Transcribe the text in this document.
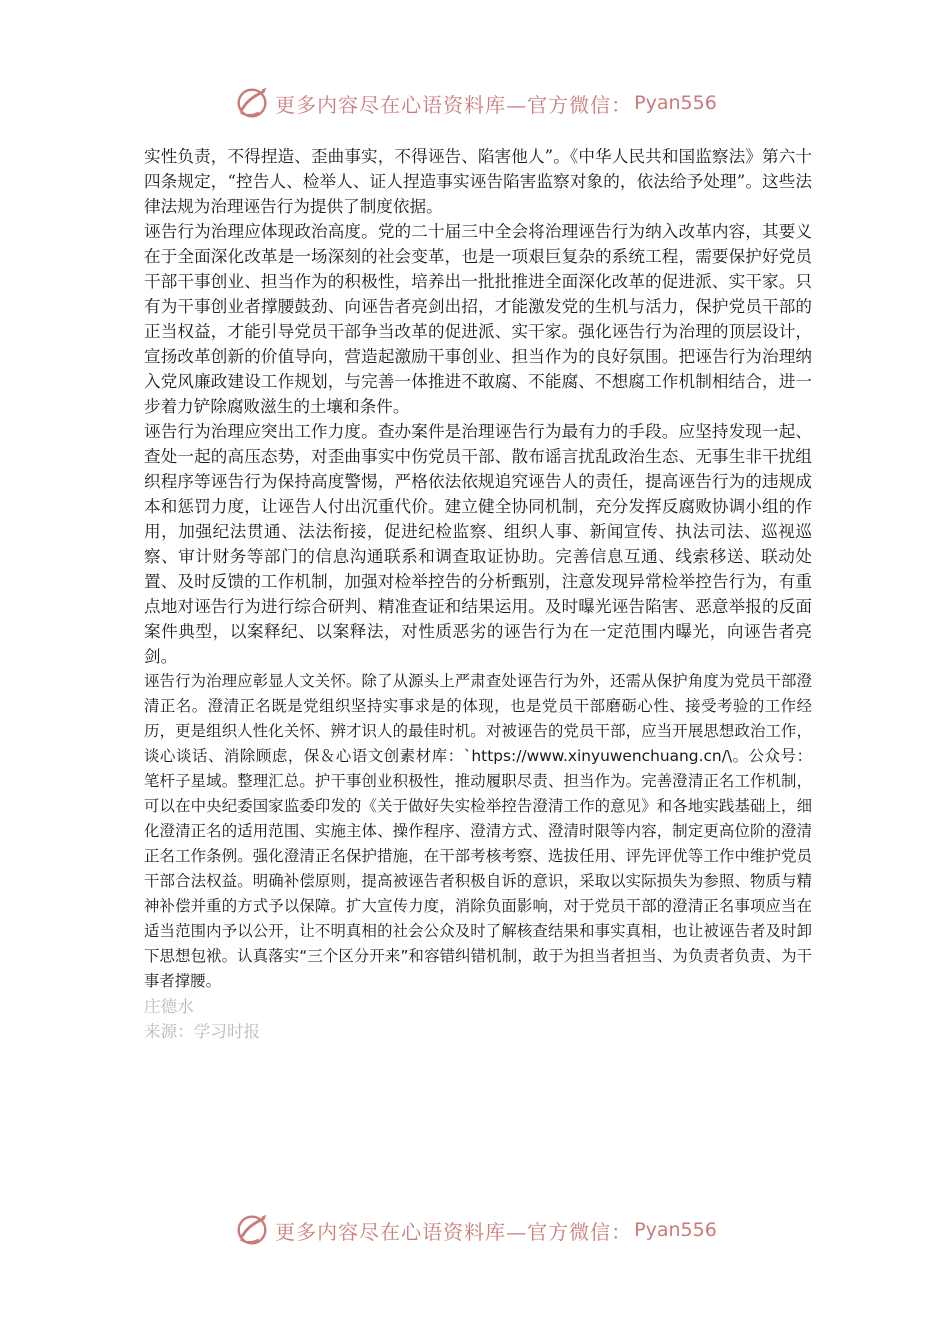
更多内容尽在心语资料库—官方微信： Pyan556

实性负责，不得捏造、歪曲事实，不得诬告、陷害他人”。《中华人民共和国监察法》第六十四条规定，“控告人、检举人、证人捏造事实诬告陷害监察对象的，依法给予处理”。这些法律法规为治理诬告行为提供了制度依据。

诬告行为治理应体现政治高度。党的二十届三中全会将治理诬告行为纳入改革内容，其要义在于全面深化改革是一场深刻的社会变革，也是一项艰巨复杂的系统工程，需要保护好党员干部干事创业、担当作为的积极性，培养出一批批推进全面深化改革的促进派、实干家。只有为干事创业者撑腰鼓劲、向诬告者亮剑出招，才能激发党的生机与活力，保护党员干部的正当权益，才能引导党员干部争当改革的促进派、实干家。强化诬告行为治理的顶层设计，宣扬改革创新的价值导向，营造起激励干事创业、担当作为的良好氛围。把诬告行为治理纳入党风廉政建设工作规划，与完善一体推进不敢腐、不能腐、不想腐工作机制相结合，进一步着力铲除腐败滋生的土壤和条件。

诬告行为治理应突出工作力度。查办案件是治理诬告行为最有力的手段。应坚持发现一起、查处一起的高压态势，对歪曲事实中伤党员干部、散布谣言扰乱政治生态、无事生非干扰组织程序等诬告行为保持高度警惕，严格依法依规追究诬告人的责任，提高诬告行为的违规成本和惩罚力度，让诬告人付出沉重代价。建立健全协同机制，充分发挥反腐败协调小组的作用，加强纪法贯通、法法衔接，促进纪检监察、组织人事、新闻宣传、执法司法、巡视巡察、审计财务等部门的信息沟通联系和调查取证协助。完善信息互通、线索移送、联动处置、及时反馈的工作机制，加强对检举控告的分析甄别，注意发现异常检举控告行为，有重点地对诬告行为进行综合研判、精准查证和结果运用。及时曝光诬告陷害、恶意举报的反面案件典型，以案释纪、以案释法，对性质恶劣的诬告行为在一定范围内曝光，向诬告者亮剑。

诬告行为治理应彰显人文关怀。除了从源头上严肃查处诬告行为外，还需从保护角度为党员干部澄清正名。澄清正名既是党组织坚持实事求是的体现，也是党员干部磨砺心性、接受考验的工作经历，更是组织人性化关怀、辨才识人的最佳时机。对被诬告的党员干部，应当开展思想政治工作，谈心谈话、消除顾虑，保＆心语文创素材库：`https://www.xinyuwenchuang.cn/\。公众号：笔杆子星域。整理汇总。护干事创业积极性，推动履职尽责、担当作为。完善澄清正名工作机制，可以在中央纪委国家监委印发的《关于做好失实检举控告澄清工作的意见》和各地实践基础上，细化澄清正名的适用范围、实施主体、操作程序、澄清方式、澄清时限等内容，制定更高位阶的澄清正名工作条例。强化澄清正名保护措施，在干部考核考察、选拔任用、评先评优等工作中维护党员干部合法权益。明确补偿原则，提高被诬告者积极自诉的意识，采取以实际损失为参照、物质与精神补偿并重的方式予以保障。扩大宣传力度，消除负面影响，对于党员干部的澄清正名事项应当在适当范围内予以公开，让不明真相的社会公众及时了解核查结果和事实真相，也让被诬告者及时卸下思想包袱。认真落实“三个区分开来”和容错纠错机制，敢于为担当者担当、为负责者负责、为干事者撑腰。

庄德水

来源：学习时报

更多内容尽在心语资料库—官方微信： Pyan556
